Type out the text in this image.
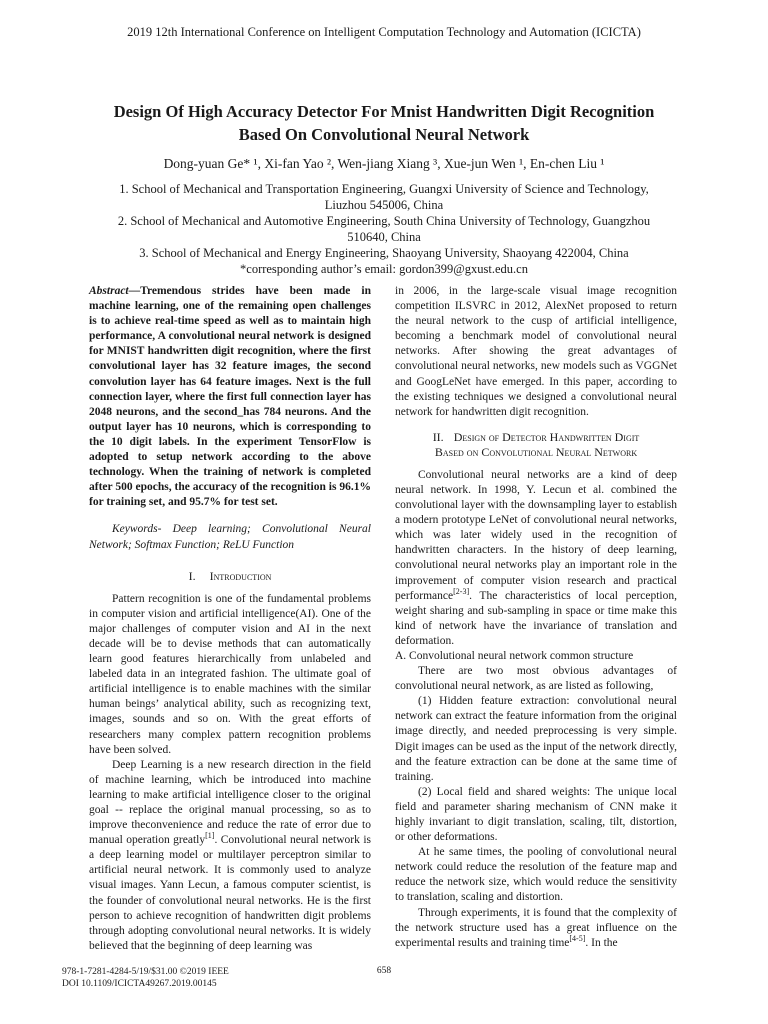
2019 12th International Conference on Intelligent Computation Technology and Automation (ICICTA)
Design Of High Accuracy Detector For Mnist Handwritten Digit Recognition
Based On Convolutional Neural Network
Dong-yuan Ge* ¹, Xi-fan Yao ², Wen-jiang Xiang ³, Xue-jun Wen ¹, En-chen Liu ¹
1. School of Mechanical and Transportation Engineering, Guangxi University of Science and Technology, Liuzhou 545006, China
2. School of Mechanical and Automotive Engineering, South China University of Technology, Guangzhou 510640, China
3. School of Mechanical and Energy Engineering, Shaoyang University, Shaoyang 422004, China
*corresponding author’s email: gordon399@gxust.edu.cn

Abstract—Tremendous strides have been made in machine learning, one of the remaining open challenges is to achieve real-time speed as well as to maintain high performance, A convolutional neural network is designed for MNIST handwritten digit recognition, where the first convolutional layer has 32 feature images, the second convolution layer has 64 feature images. Next is the full connection layer, where the first full connection layer has 2048 neurons, and the second_has 784 neurons. And the output layer has 10 neurons, which is corresponding to the 10 digit labels. In the experiment TensorFlow is adopted to setup network according to the above technology. When the training of network is completed after 500 epochs, the accuracy of the recognition is 96.1% for training set, and 95.7% for test set.

Keywords- Deep learning; Convolutional Neural Network; Softmax Function; ReLU Function

I. Introduction

Pattern recognition is one of the fundamental problems in computer vision and artificial intelligence(AI). One of the major challenges of computer vision and AI in the next decade will be to devise methods that can automatically learn good features hierarchically from unlabeled and labeled data in an integrated fashion. The ultimate goal of artificial intelligence is to enable machines with the similar human beings’ analytical ability, such as recognizing text, images, sounds and so on. With the great efforts of researchers many complex pattern recognition problems have been solved.

Deep Learning is a new research direction in the field of machine learning, which be introduced into machine learning to make artificial intelligence closer to the original goal -- replace the original manual processing, so as to improve theconvenience and reduce the rate of error due to manual operation greatly[1]. Convolutional neural network is a deep learning model or multilayer perceptron similar to artificial neural network. It is commonly used to analyze visual images. Yann Lecun, a famous computer scientist, is the founder of convolutional neural networks. He is the first person to achieve recognition of handwritten digit problems through adopting convolutional neural networks. It is widely believed that the beginning of deep learning was

in 2006, in the large-scale visual image recognition competition ILSVRC in 2012, AlexNet proposed to return the neural network to the cusp of artificial intelligence, becoming a benchmark model of convolutional neural networks. After showing the great advantages of convolutional neural networks, new models such as VGGNet and GoogLeNet have emerged. In this paper, according to the existing techniques we designed a convolutional neural network for handwritten digit recognition.

II. Design of Detector Handwritten Digit
Based on Convolutional Neural Network

Convolutional neural networks are a kind of deep neural network. In 1998, Y. Lecun et al. combined the convolutional layer with the downsampling layer to establish a modern prototype LeNet of convolutional neural networks, which was later widely used in the recognition of handwritten characters. In the history of deep learning, convolutional neural networks play an important role in the improvement of computer vision research and practical performance[2-3]. The characteristics of local perception, weight sharing and sub-sampling in space or time make this kind of network have the invariance of translation and deformation.

A. Convolutional neural network common structure

There are two most obvious advantages of convolutional neural network, as are listed as following,

(1) Hidden feature extraction: convolutional neural network can extract the feature information from the original image directly, and needed preprocessing is very simple. Digit images can be used as the input of the network directly, and the feature extraction can be done at the same time of training.

(2) Local field and shared weights: The unique local field and parameter sharing mechanism of CNN make it highly invariant to digit translation, scaling, tilt, distortion, or other deformations.

At he same times, the pooling of convolutional neural network could reduce the resolution of the feature map and reduce the network size, which would reduce the sensitivity to translation, scaling and distortion.

Through experiments, it is found that the complexity of the network structure used has a great influence on the experimental results and training time[4-5]. In the

978-1-7281-4284-5/19/$31.00 ©2019 IEEE
DOI 10.1109/ICICTA49267.2019.00145
658
